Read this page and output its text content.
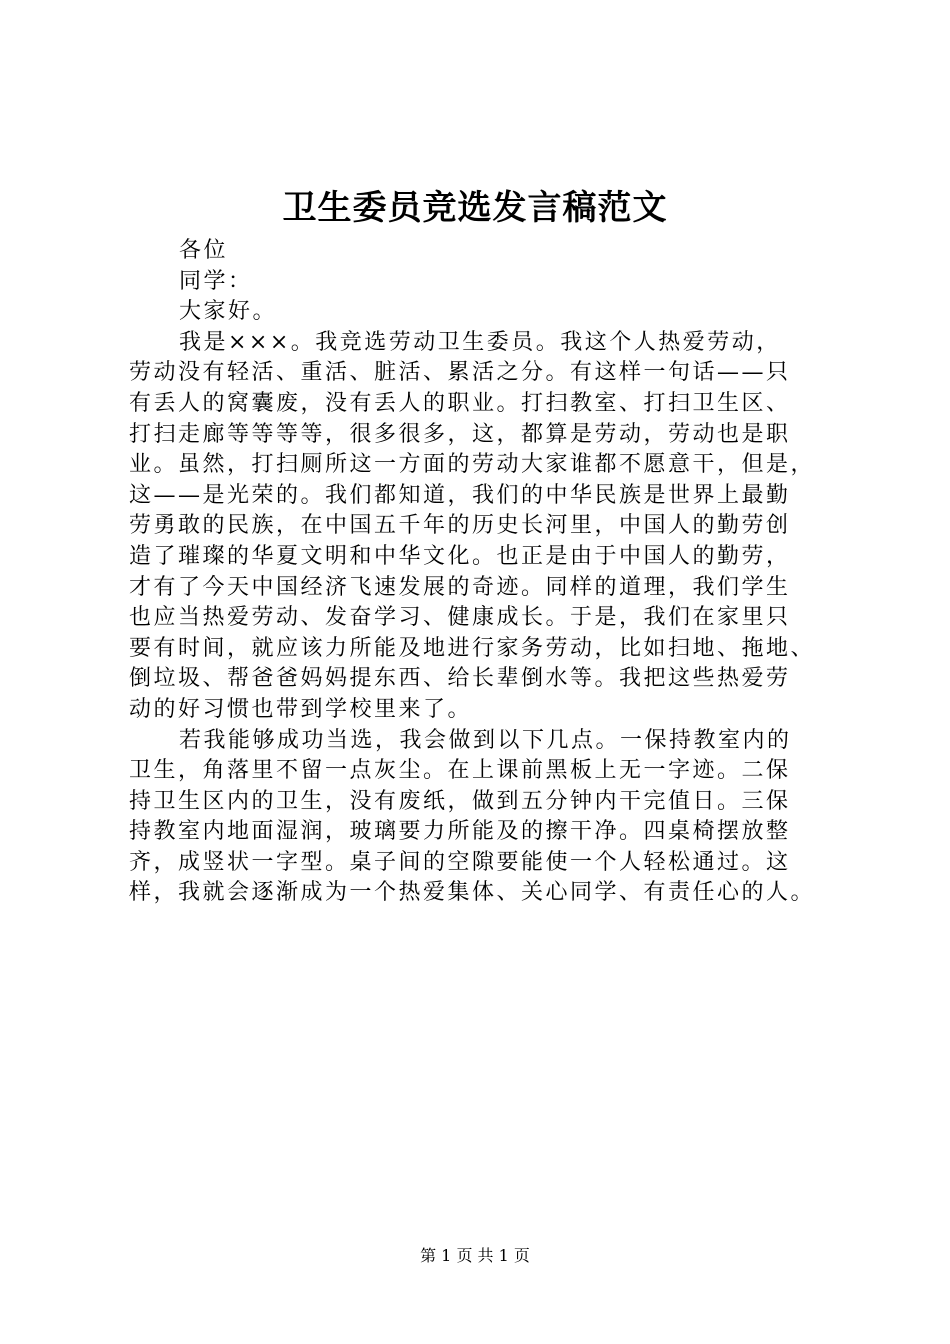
卫生委员竞选发言稿范文
各位
同学：
大家好。
我是×××。我竞选劳动卫生委员。我这个人热爱劳动，
劳动没有轻活、重活、脏活、累活之分。有这样一句话——只
有丢人的窝囊废，没有丢人的职业。打扫教室、打扫卫生区、
打扫走廊等等等等，很多很多，这，都算是劳动，劳动也是职
业。虽然，打扫厕所这一方面的劳动大家谁都不愿意干，但是，
这——是光荣的。我们都知道，我们的中华民族是世界上最勤
劳勇敢的民族，在中国五千年的历史长河里，中国人的勤劳创
造了璀璨的华夏文明和中华文化。也正是由于中国人的勤劳，
才有了今天中国经济飞速发展的奇迹。同样的道理，我们学生
也应当热爱劳动、发奋学习、健康成长。于是，我们在家里只
要有时间，就应该力所能及地进行家务劳动，比如扫地、拖地、
倒垃圾、帮爸爸妈妈提东西、给长辈倒水等。我把这些热爱劳
动的好习惯也带到学校里来了。
若我能够成功当选，我会做到以下几点。一保持教室内的
卫生，角落里不留一点灰尘。在上课前黑板上无一字迹。二保
持卫生区内的卫生，没有废纸，做到五分钟内干完值日。三保
持教室内地面湿润，玻璃要力所能及的擦干净。四桌椅摆放整
齐，成竖状一字型。桌子间的空隙要能使一个人轻松通过。这
样，我就会逐渐成为一个热爱集体、关心同学、有责任心的人。
第 1 页 共 1 页
